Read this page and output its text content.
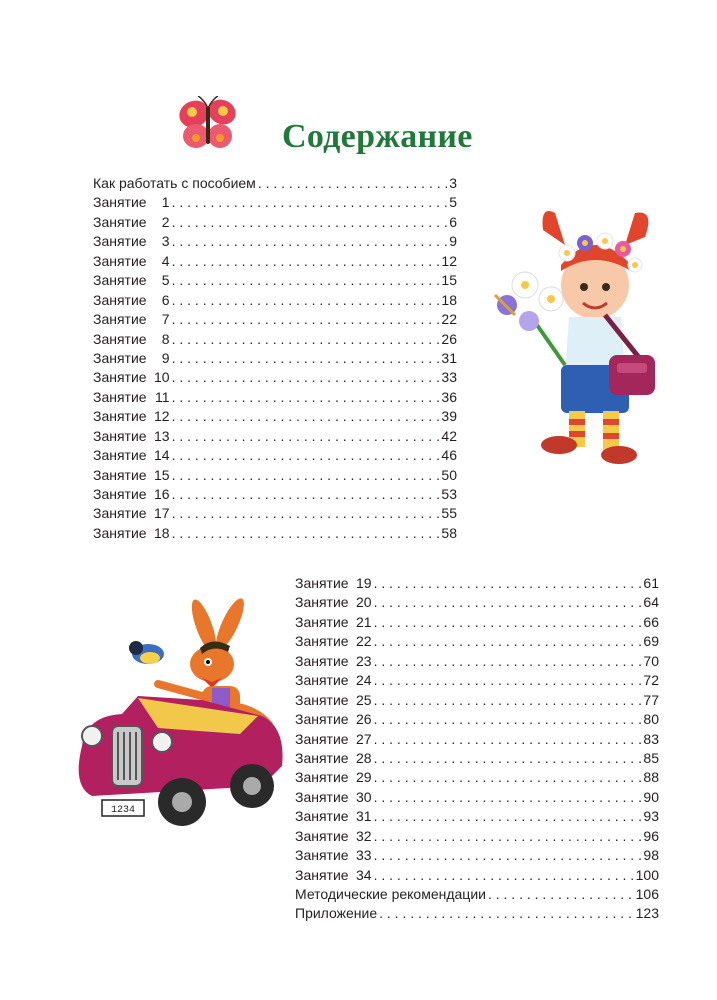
Содержание
Как работать с пособием . . .	3
Занятие	1 . . .	5
Занятие	2 . . .	6
Занятие	3 . . .	9
Занятие	4 . . .	12
Занятие	5 . . .	15
Занятие	6 . . .	18
Занятие	7 . . .	22
Занятие	8 . . .	26
Занятие	9 . . .	31
Занятие 10 . . .	33
Занятие 11 . . .	36
Занятие 12 . . .	39
Занятие 13 . . .	42
Занятие 14 . . .	46
Занятие 15 . . .	50
Занятие 16 . . .	53
Занятие 17 . . .	55
Занятие 18 . . .	58
Занятие 19 . . .	61
Занятие 20 . . .	64
Занятие 21 . . .	66
Занятие 22 . . .	69
Занятие 23 . . .	70
Занятие 24 . . .	72
Занятие 25 . . .	77
Занятие 26 . . .	80
Занятие 27 . . .	83
Занятие 28 . . .	85
Занятие 29 . . .	88
Занятие 30 . . .	90
Занятие 31 . . .	93
Занятие 32 . . .	96
Занятие 33 . . .	98
Занятие 34 . . .	100
Методические рекомендации . . .	106
Приложение . . .	123
1234
